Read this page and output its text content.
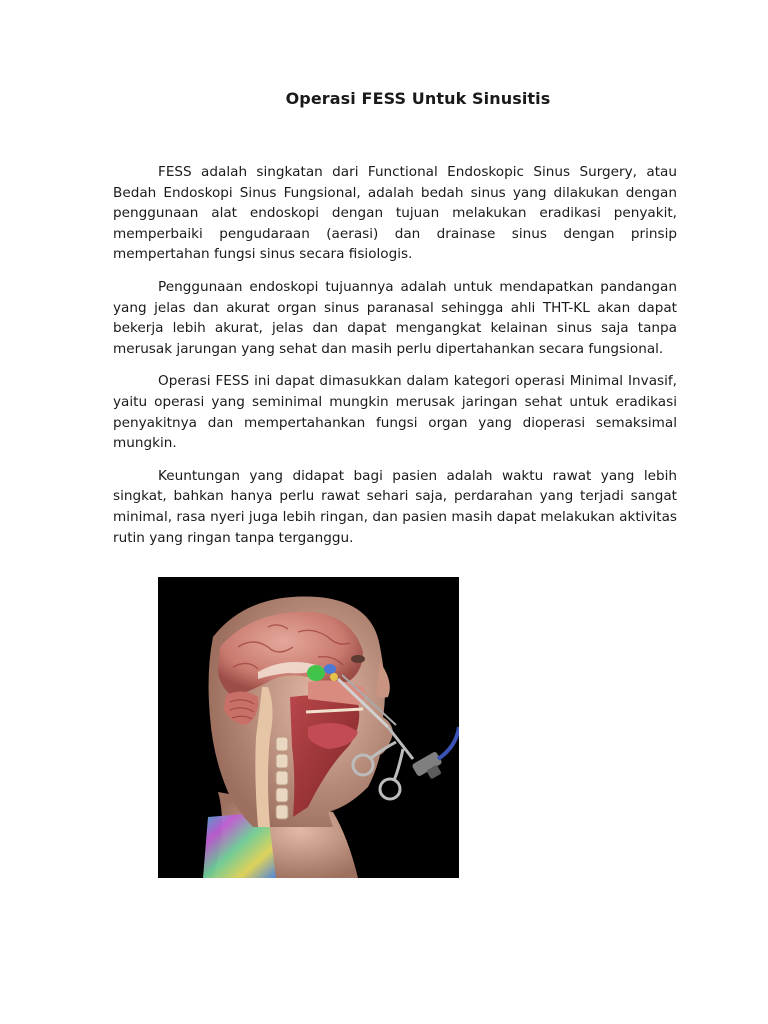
Operasi FESS Untuk Sinusitis

FESS adalah singkatan dari Functional Endoskopic Sinus Surgery, atau Bedah Endoskopi Sinus Fungsional, adalah bedah sinus yang dilakukan dengan penggunaan alat endoskopi dengan tujuan melakukan eradikasi penyakit, memperbaiki pengudaraan (aerasi) dan drainase sinus dengan prinsip mempertahan fungsi sinus secara fisiologis.

Penggunaan endoskopi tujuannya adalah untuk mendapatkan pandangan yang jelas dan akurat organ sinus paranasal sehingga ahli THT-KL akan dapat bekerja lebih akurat, jelas dan dapat mengangkat kelainan sinus saja tanpa merusak jarungan yang sehat dan masih perlu dipertahankan secara fungsional.

Operasi FESS ini dapat dimasukkan dalam kategori operasi Minimal Invasif, yaitu operasi yang seminimal mungkin merusak jaringan sehat untuk eradikasi penyakitnya dan mempertahankan fungsi organ yang dioperasi semaksimal mungkin.

Keuntungan yang didapat bagi pasien adalah waktu rawat yang lebih singkat, bahkan hanya perlu rawat sehari saja, perdarahan yang terjadi sangat minimal, rasa nyeri juga lebih ringan, dan pasien masih dapat melakukan aktivitas rutin yang ringan tanpa terganggu.
